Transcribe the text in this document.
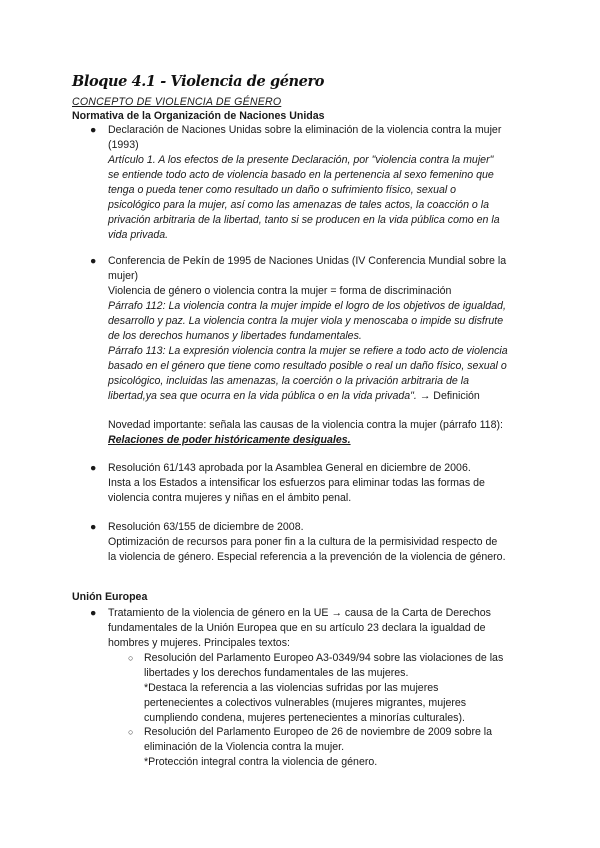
Bloque 4.1 - Violencia de género
CONCEPTO DE VIOLENCIA DE GÉNERO
Normativa de la Organización de Naciones Unidas
● Declaración de Naciones Unidas sobre la eliminación de la violencia contra la mujer
(1993)
Artículo 1. A los efectos de la presente Declaración, por "violencia contra la mujer"
se entiende todo acto de violencia basado en la pertenencia al sexo femenino que
tenga o pueda tener como resultado un daño o sufrimiento físico, sexual o
psicológico para la mujer, así como las amenazas de tales actos, la coacción o la
privación arbitraria de la libertad, tanto si se producen en la vida pública como en la
vida privada.
● Conferencia de Pekín de 1995 de Naciones Unidas (IV Conferencia Mundial sobre la
mujer)
Violencia de género o violencia contra la mujer = forma de discriminación
Párrafo 112: La violencia contra la mujer impide el logro de los objetivos de igualdad,
desarrollo y paz. La violencia contra la mujer viola y menoscaba o impide su disfrute
de los derechos humanos y libertades fundamentales.
Párrafo 113: La expresión violencia contra la mujer se refiere a todo acto de violencia
basado en el género que tiene como resultado posible o real un daño físico, sexual o
psicológico, incluidas las amenazas, la coerción o la privación arbitraria de la
libertad,ya sea que ocurra en la vida pública o en la vida privada". → Definición
Novedad importante: señala las causas de la violencia contra la mujer (párrafo 118):
Relaciones de poder históricamente desiguales.
● Resolución 61/143 aprobada por la Asamblea General en diciembre de 2006.
Insta a los Estados a intensificar los esfuerzos para eliminar todas las formas de
violencia contra mujeres y niñas en el ámbito penal.
● Resolución 63/155 de diciembre de 2008.
Optimización de recursos para poner fin a la cultura de la permisividad respecto de
la violencia de género. Especial referencia a la prevención de la violencia de género.
Unión Europea
● Tratamiento de la violencia de género en la UE → causa de la Carta de Derechos
fundamentales de la Unión Europea que en su artículo 23 declara la igualdad de
hombres y mujeres. Principales textos:
○ Resolución del Parlamento Europeo A3-0349/94 sobre las violaciones de las
libertades y los derechos fundamentales de las mujeres.
*Destaca la referencia a las violencias sufridas por las mujeres
pertenecientes a colectivos vulnerables (mujeres migrantes, mujeres
cumpliendo condena, mujeres pertenecientes a minorías culturales).
○ Resolución del Parlamento Europeo de 26 de noviembre de 2009 sobre la
eliminación de la Violencia contra la mujer.
*Protección integral contra la violencia de género.
